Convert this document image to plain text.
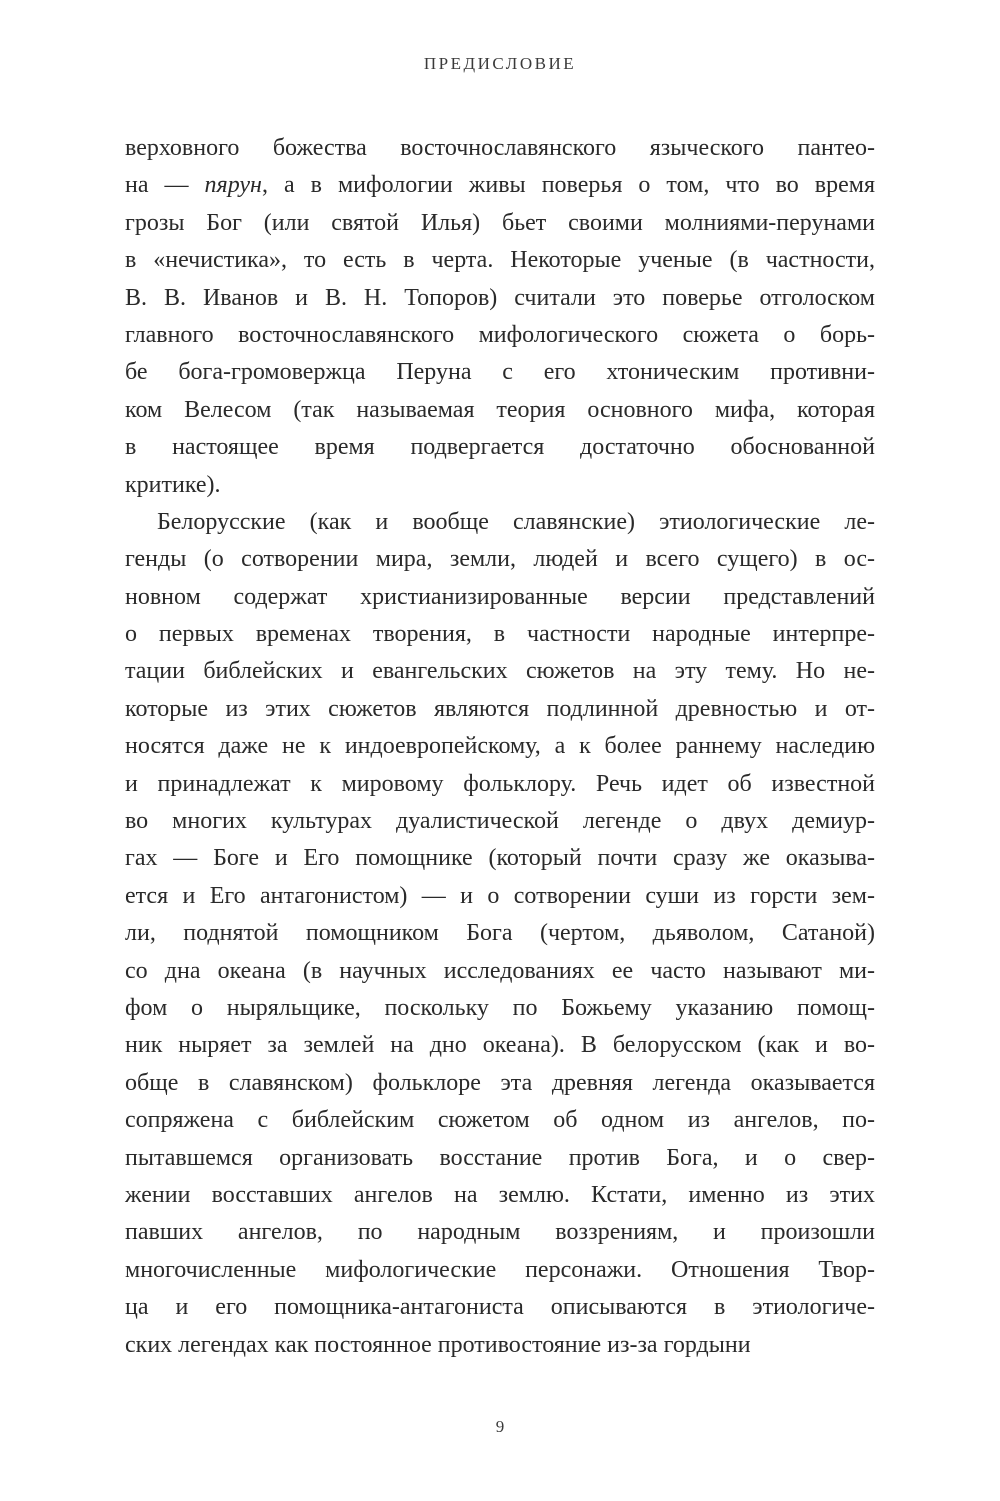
ПРЕДИСЛОВИЕ
верховного божества восточнославянского языческого пантео-
на — пярун, а в мифологии живы поверья о том, что во время
грозы Бог (или святой Илья) бьет своими молниями-перунами
в «нечистика», то есть в черта. Некоторые ученые (в частности,
В. В. Иванов и В. Н. Топоров) считали это поверье отголоском
главного восточнославянского мифологического сюжета о борь-
бе бога-громовержца Перуна с его хтоническим противни-
ком Велесом (так называемая теория основного мифа, которая
в настоящее время подвергается достаточно обоснованной
критике).
Белорусские (как и вообще славянские) этиологические ле-
генды (о сотворении мира, земли, людей и всего сущего) в ос-
новном содержат христианизированные версии представлений
о первых временах творения, в частности народные интерпре-
тации библейских и евангельских сюжетов на эту тему. Но не-
которые из этих сюжетов являются подлинной древностью и от-
носятся даже не к индоевропейскому, а к более раннему наследию
и принадлежат к мировому фольклору. Речь идет об известной
во многих культурах дуалистической легенде о двух демиур-
гах — Боге и Его помощнике (который почти сразу же оказыва-
ется и Его антагонистом) — и о сотворении суши из горсти зем-
ли, поднятой помощником Бога (чертом, дьяволом, Сатаной)
со дна океана (в научных исследованиях ее часто называют ми-
фом о ныряльщике, поскольку по Божьему указанию помощ-
ник ныряет за землей на дно океана). В белорусском (как и во-
обще в славянском) фольклоре эта древняя легенда оказывается
сопряжена с библейским сюжетом об одном из ангелов, по-
пытавшемся организовать восстание против Бога, и о свер-
жении восставших ангелов на землю. Кстати, именно из этих
павших ангелов, по народным воззрениям, и произошли
многочисленные мифологические персонажи. Отношения Твор-
ца и его помощника-антагониста описываются в этиологиче-
ских легендах как постоянное противостояние из-за гордыни
9
